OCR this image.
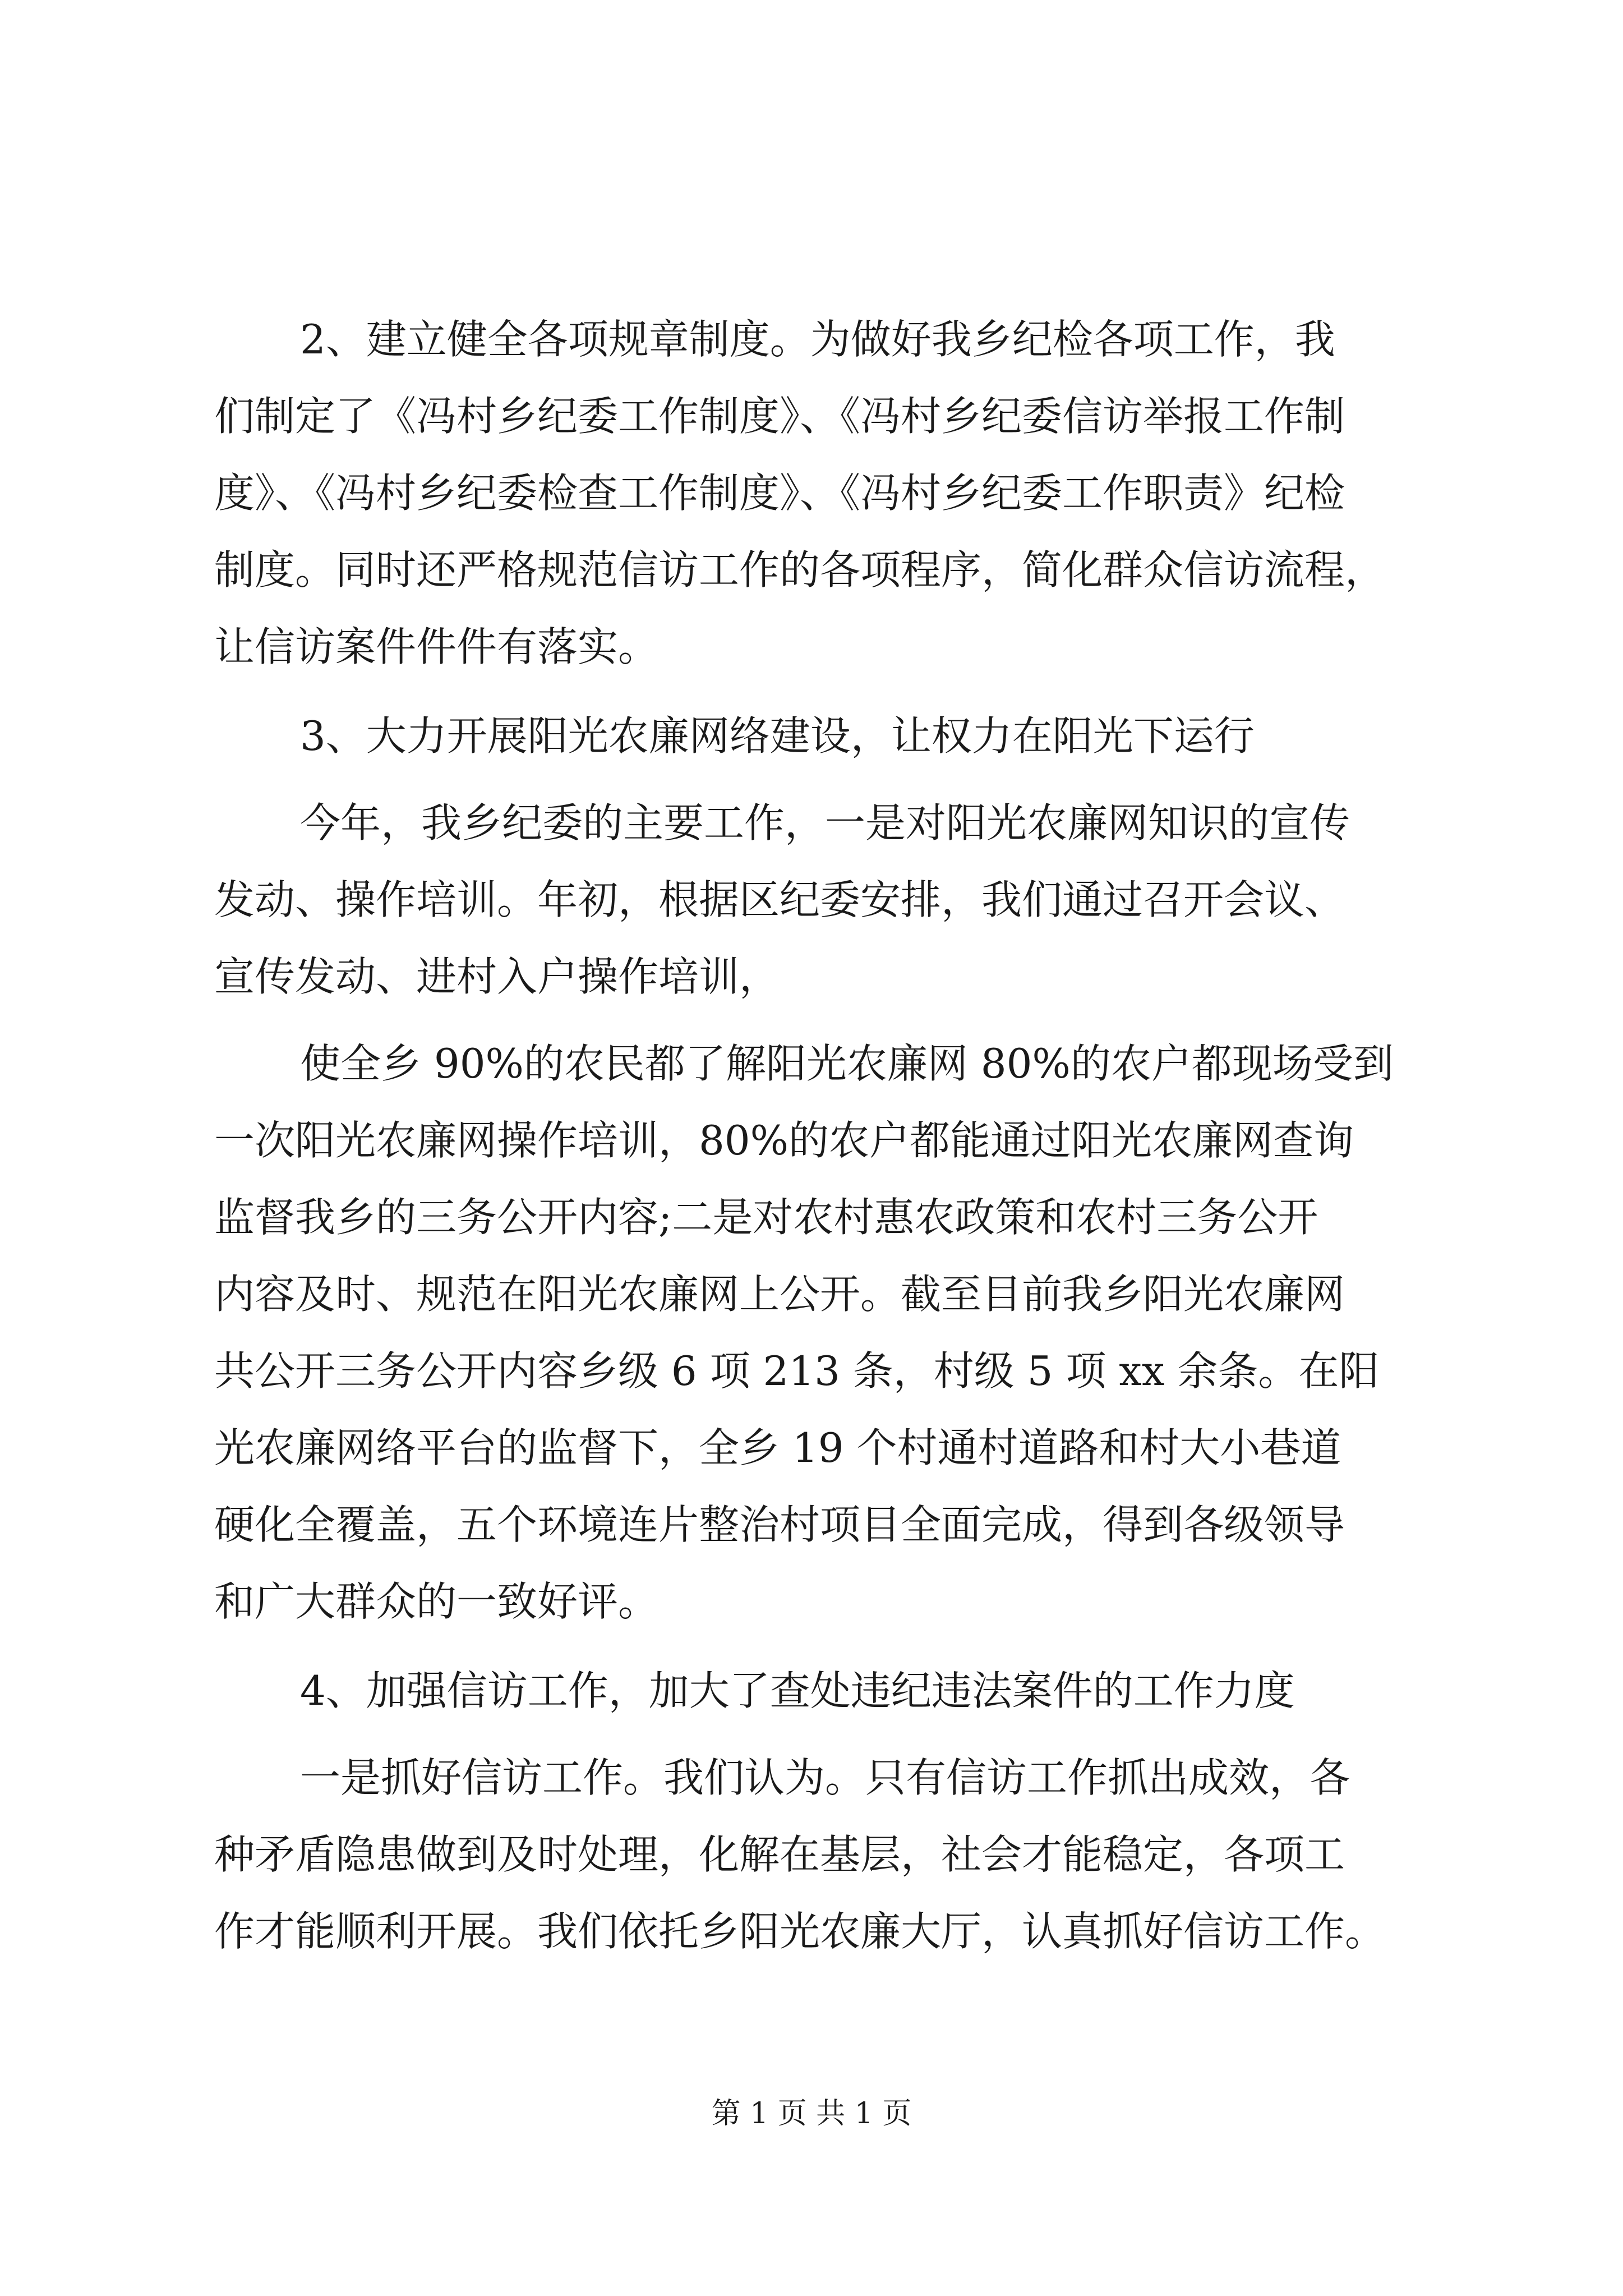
2、建立健全各项规章制度。为做好我乡纪检各项工作，我
们制定了《冯村乡纪委工作制度》、《冯村乡纪委信访举报工作制
度》、《冯村乡纪委检查工作制度》、《冯村乡纪委工作职责》纪检
制度。同时还严格规范信访工作的各项程序，简化群众信访流程，
让信访案件件件有落实。
3、大力开展阳光农廉网络建设，让权力在阳光下运行
今年，我乡纪委的主要工作，一是对阳光农廉网知识的宣传
发动、操作培训。年初，根据区纪委安排，我们通过召开会议、
宣传发动、进村入户操作培训，
使全乡 90%的农民都了解阳光农廉网 80%的农户都现场受到
一次阳光农廉网操作培训，80%的农户都能通过阳光农廉网查询
监督我乡的三务公开内容;二是对农村惠农政策和农村三务公开
内容及时、规范在阳光农廉网上公开。截至目前我乡阳光农廉网
共公开三务公开内容乡级 6 项 213 条，村级 5 项 xx 余条。在阳
光农廉网络平台的监督下，全乡 19 个村通村道路和村大小巷道
硬化全覆盖，五个环境连片整治村项目全面完成，得到各级领导
和广大群众的一致好评。
4、加强信访工作，加大了查处违纪违法案件的工作力度
一是抓好信访工作。我们认为。只有信访工作抓出成效，各
种矛盾隐患做到及时处理，化解在基层，社会才能稳定，各项工
作才能顺利开展。我们依托乡阳光农廉大厅，认真抓好信访工作。
第 1 页 共 1 页
